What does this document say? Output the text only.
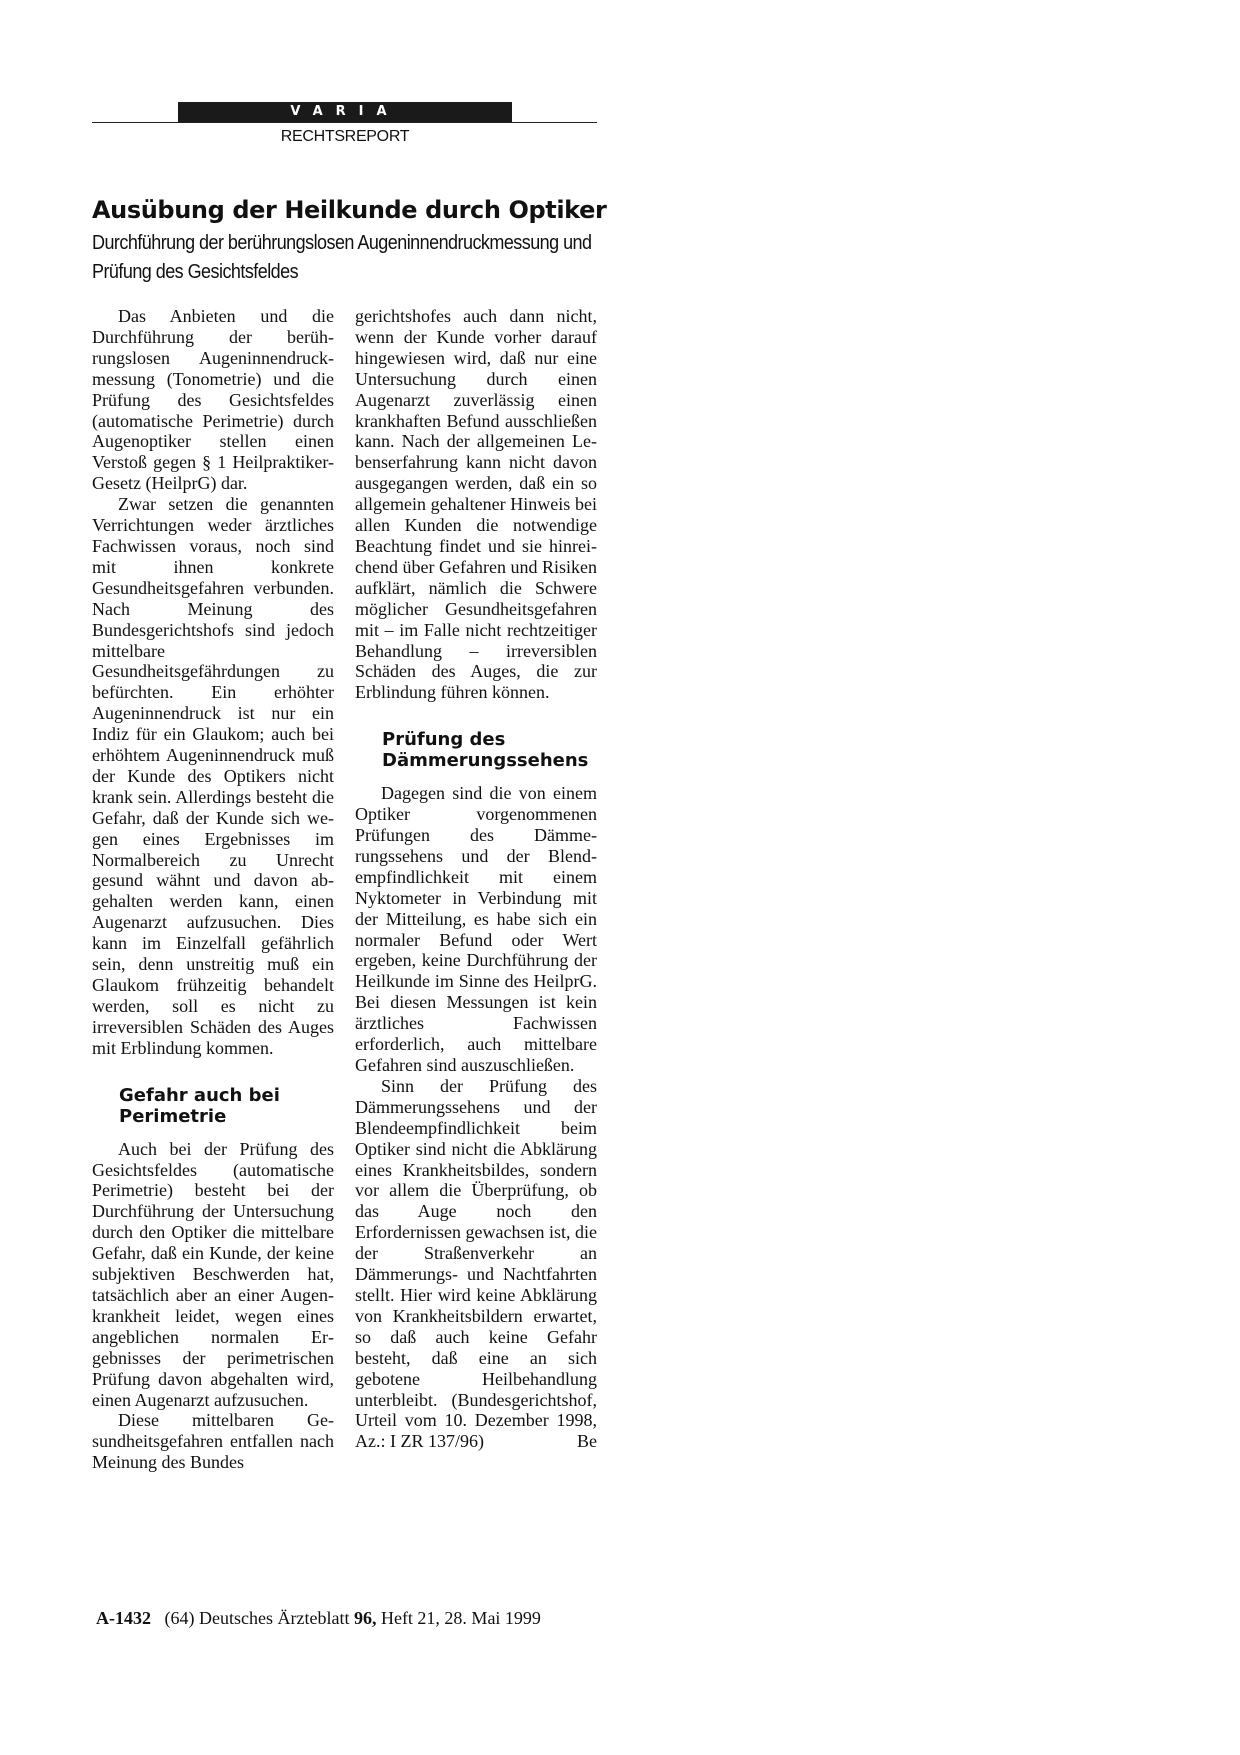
VARIA
RECHTSREPORT
Ausübung der Heilkunde durch Optiker
Durchführung der berührungslosen Augeninnendruckmessung und Prüfung des Gesichtsfeldes

Das Anbieten und die Durchführung der berührungslosen Augeninnendruckmessung (Tonometrie) und die Prüfung des Gesichtsfeldes (automatische Perimetrie) durch Augenoptiker stellen einen Verstoß gegen § 1 Heilpraktiker-Gesetz (HeilprG) dar.

Zwar setzen die genannten Verrichtungen weder ärztliches Fachwissen voraus, noch sind mit ihnen konkrete Gesundheitsgefahren verbunden. Nach Meinung des Bundesgerichtshofs sind jedoch mittelbare Gesundheitsgefährdungen zu befürchten. Ein erhöhter Augeninnendruck ist nur ein Indiz für ein Glaukom; auch bei erhöhtem Augeninnendruck muß der Kunde des Optikers nicht krank sein. Allerdings besteht die Gefahr, daß der Kunde sich wegen eines Ergebnisses im Normalbereich zu Unrecht gesund wähnt und davon abgehalten werden kann, einen Augenarzt aufzusuchen. Dies kann im Einzelfall gefährlich sein, denn unstreitig muß ein Glaukom frühzeitig behandelt werden, soll es nicht zu irreversiblen Schäden des Auges mit Erblindung kommen.

Gefahr auch bei Perimetrie

Auch bei der Prüfung des Gesichtsfeldes (automatische Perimetrie) besteht bei der Durchführung der Untersuchung durch den Optiker die mittelbare Gefahr, daß ein Kunde, der keine subjektiven Beschwerden hat, tatsächlich aber an einer Augenkrankheit leidet, wegen eines angeblichen normalen Ergebnisses der perimetrischen Prüfung davon abgehalten wird, einen Augenarzt aufzusuchen.

Diese mittelbaren Gesundheitsgefahren entfallen nach Meinung des Bundes

gerichtshofes auch dann nicht, wenn der Kunde vorher darauf hingewiesen wird, daß nur eine Untersuchung durch einen Augenarzt zuverlässig einen krankhaften Befund ausschließen kann. Nach der allgemeinen Lebenserfahrung kann nicht davon ausgegangen werden, daß ein so allgemein gehaltener Hinweis bei allen Kunden die notwendige Beachtung findet und sie hinreichend über Gefahren und Risiken aufklärt, nämlich die Schwere möglicher Gesundheitsgefahren mit – im Falle nicht rechtzeitiger Behandlung – irreversiblen Schäden des Auges, die zur Erblindung führen können.

Prüfung des Dämmerungssehens

Dagegen sind die von einem Optiker vorgenommenen Prüfungen des Dämmerungssehens und der Blendempfindlichkeit mit einem Nyktometer in Verbindung mit der Mitteilung, es habe sich ein normaler Befund oder Wert ergeben, keine Durchführung der Heilkunde im Sinne des HeilprG. Bei diesen Messungen ist kein ärztliches Fachwissen erforderlich, auch mittelbare Gefahren sind auszuschließen.

Sinn der Prüfung des Dämmerungssehens und der Blendeempfindlichkeit beim Optiker sind nicht die Abklärung eines Krankheitsbildes, sondern vor allem die Überprüfung, ob das Auge noch den Erfordernissen gewachsen ist, die der Straßenverkehr an Dämmerungs- und Nachtfahrten stellt. Hier wird keine Abklärung von Krankheitsbildern erwartet, so daß auch keine Gefahr besteht, daß eine an sich gebotene Heilbehandlung unterbleibt. (Bundesgerichtshof, Urteil vom 10. Dezember 1998, Az.: I ZR 137/96)	Be

A-1432 (64) Deutsches Ärzteblatt 96, Heft 21, 28. Mai 1999
